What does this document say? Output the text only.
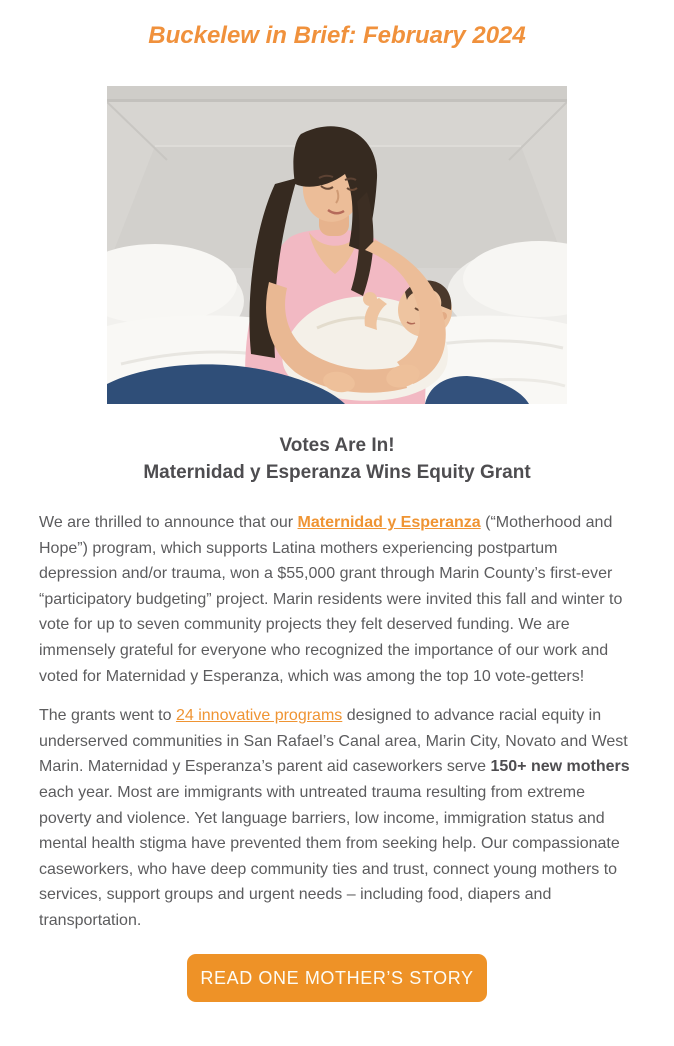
Buckelew in Brief: February 2024
Votes Are In!
Maternidad y Esperanza Wins Equity Grant

We are thrilled to announce that our Maternidad y Esperanza (“Motherhood and Hope”) program, which supports Latina mothers experiencing postpartum depression and/or trauma, won a $55,000 grant through Marin County’s first-ever “participatory budgeting” project. Marin residents were invited this fall and winter to vote for up to seven community projects they felt deserved funding. We are immensely grateful for everyone who recognized the importance of our work and voted for Maternidad y Esperanza, which was among the top 10 vote-getters!

The grants went to 24 innovative programs designed to advance racial equity in underserved communities in San Rafael’s Canal area, Marin City, Novato and West Marin. Maternidad y Esperanza’s parent aid caseworkers serve 150+ new mothers each year. Most are immigrants with untreated trauma resulting from extreme poverty and violence. Yet language barriers, low income, immigration status and mental health stigma have prevented them from seeking help. Our compassionate caseworkers, who have deep community ties and trust, connect young mothers to services, support groups and urgent needs – including food, diapers and transportation.

READ ONE MOTHER’S STORY
